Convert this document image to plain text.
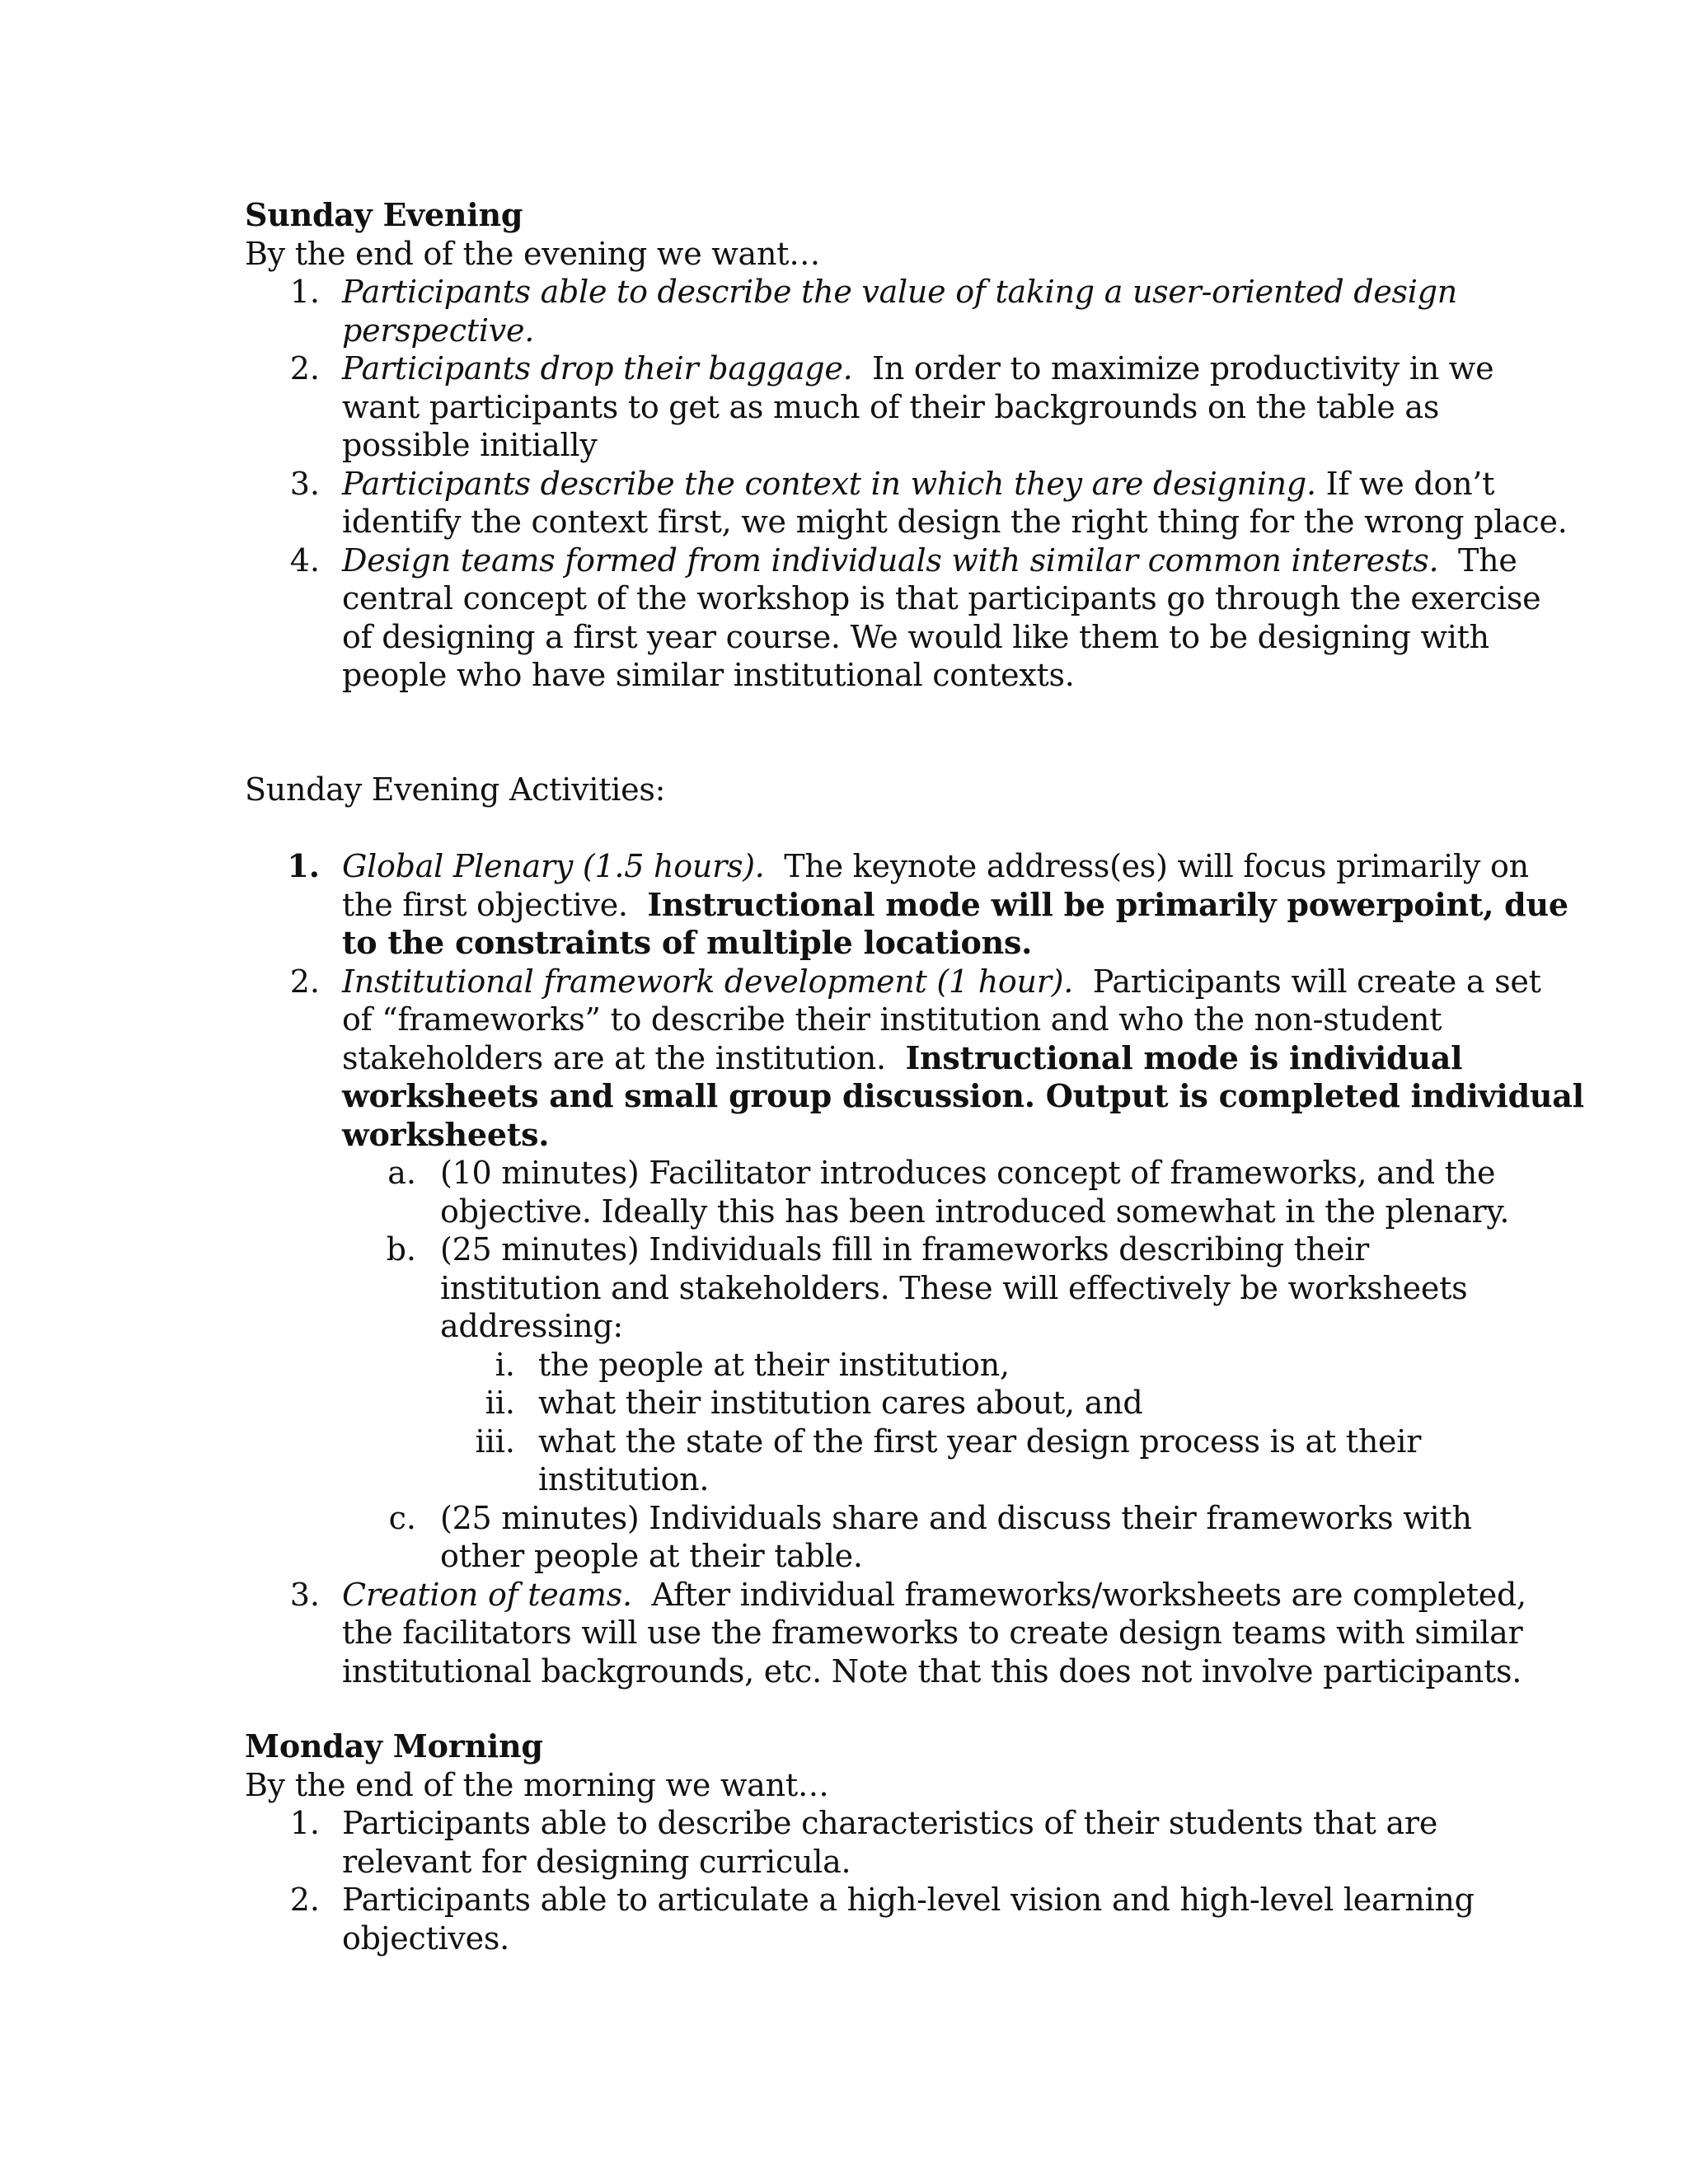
Sunday Evening
By the end of the evening we want…
1. Participants able to describe the value of taking a user-oriented design
perspective.
2. Participants drop their baggage.  In order to maximize productivity in we
want participants to get as much of their backgrounds on the table as
possible initially
3. Participants describe the context in which they are designing. If we don’t
identify the context first, we might design the right thing for the wrong place.
4. Design teams formed from individuals with similar common interests.  The
central concept of the workshop is that participants go through the exercise
of designing a first year course. We would like them to be designing with
people who have similar institutional contexts.
Sunday Evening Activities:
1. Global Plenary (1.5 hours).  The keynote address(es) will focus primarily on
the first objective.  Instructional mode will be primarily powerpoint, due
to the constraints of multiple locations.
2. Institutional framework development (1 hour).  Participants will create a set
of “frameworks” to describe their institution and who the non-student
stakeholders are at the institution.  Instructional mode is individual
worksheets and small group discussion. Output is completed individual
worksheets.
a. (10 minutes) Facilitator introduces concept of frameworks, and the
objective. Ideally this has been introduced somewhat in the plenary.
b. (25 minutes) Individuals fill in frameworks describing their
institution and stakeholders. These will effectively be worksheets
addressing:
i. the people at their institution,
ii. what their institution cares about, and
iii. what the state of the first year design process is at their
institution.
c. (25 minutes) Individuals share and discuss their frameworks with
other people at their table.
3. Creation of teams.  After individual frameworks/worksheets are completed,
the facilitators will use the frameworks to create design teams with similar
institutional backgrounds, etc. Note that this does not involve participants.
Monday Morning
By the end of the morning we want…
1. Participants able to describe characteristics of their students that are
relevant for designing curricula.
2. Participants able to articulate a high-level vision and high-level learning
objectives.
